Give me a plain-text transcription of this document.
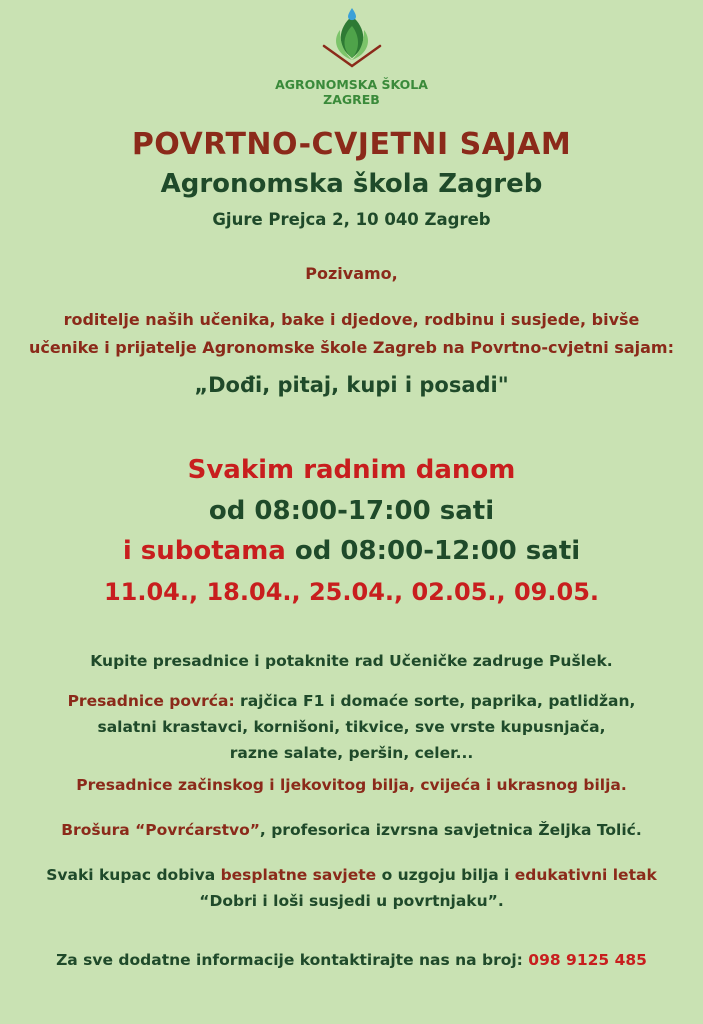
AGRONOMSKA ŠKOLA
ZAGREB
POVRTNO-CVJETNI SAJAM
Agronomska škola Zagreb
Gjure Prejca 2, 10 040 Zagreb
Pozivamo,
roditelje naših učenika, bake i djedove, rodbinu i susjede, bivše
učenike i prijatelje Agronomske škole Zagreb na Povrtno-cvjetni sajam:
„Dođi, pitaj, kupi i posadi"
Svakim radnim danom
od 08:00-17:00 sati
i subotama od 08:00-12:00 sati
11.04., 18.04., 25.04., 02.05., 09.05.
Kupite presadnice i potaknite rad Učeničke zadruge Pušlek.
Presadnice povrća: rajčica F1 i domaće sorte, paprika, patlidžan,
salatni krastavci, kornišoni, tikvice, sve vrste kupusnjača,
razne salate, peršin, celer...
Presadnice začinskog i ljekovitog bilja, cvijeća i ukrasnog bilja.
Brošura “Povrćarstvo”, profesorica izvrsna savjetnica Željka Tolić.
Svaki kupac dobiva besplatne savjete o uzgoju bilja i edukativni letak
“Dobri i loši susjedi u povrtnjaku”.
Za sve dodatne informacije kontaktirajte nas na broj: 098 9125 485
